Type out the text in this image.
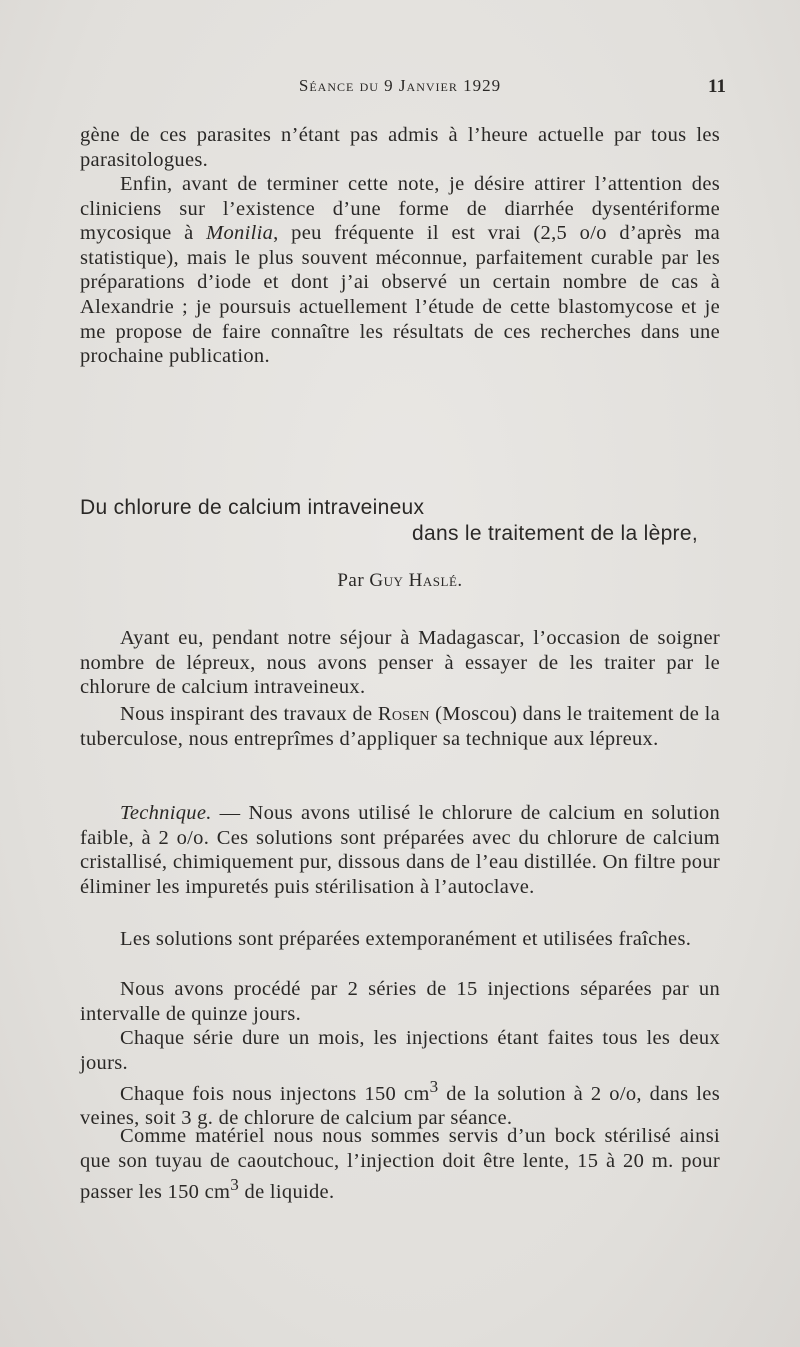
Séance du 9 Janvier 1929	11

gène de ces parasites n’étant pas admis à l’heure actuelle par tous les parasitologues.

Enfin, avant de terminer cette note, je désire attirer l’attention des cliniciens sur l’existence d’une forme de diarrhée dysentériforme mycosique à Monilia, peu fréquente il est vrai (2,5 o/o d’après ma statistique), mais le plus souvent méconnue, parfaitement curable par les préparations d’iode et dont j’ai observé un certain nombre de cas à Alexandrie ; je poursuis actuellement l’étude de cette blastomycose et je me propose de faire connaître les résultats de ces recherches dans une prochaine publication.

Du chlorure de calcium intraveineux
dans le traitement de la lèpre,
Par Guy Haslé.

Ayant eu, pendant notre séjour à Madagascar, l’occasion de soigner nombre de lépreux, nous avons penser à essayer de les traiter par le chlorure de calcium intraveineux.

Nous inspirant des travaux de Rosen (Moscou) dans le traitement de la tuberculose, nous entreprîmes d’appliquer sa technique aux lépreux.

Technique. — Nous avons utilisé le chlorure de calcium en solution faible, à 2 o/o. Ces solutions sont préparées avec du chlorure de calcium cristallisé, chimiquement pur, dissous dans de l’eau distillée. On filtre pour éliminer les impuretés puis stérilisation à l’autoclave.

Les solutions sont préparées extemporanément et utilisées fraîches.

Nous avons procédé par 2 séries de 15 injections séparées par un intervalle de quinze jours.

Chaque série dure un mois, les injections étant faites tous les deux jours.

Chaque fois nous injectons 150 $cm^3$ de la solution à 2 o/o, dans les veines, soit 3 g. de chlorure de calcium par séance.

Comme matériel nous nous sommes servis d’un bock stérilisé ainsi que son tuyau de caoutchouc, l’injection doit être lente, 15 à 20 m. pour passer les 150 $cm^3$ de liquide.
